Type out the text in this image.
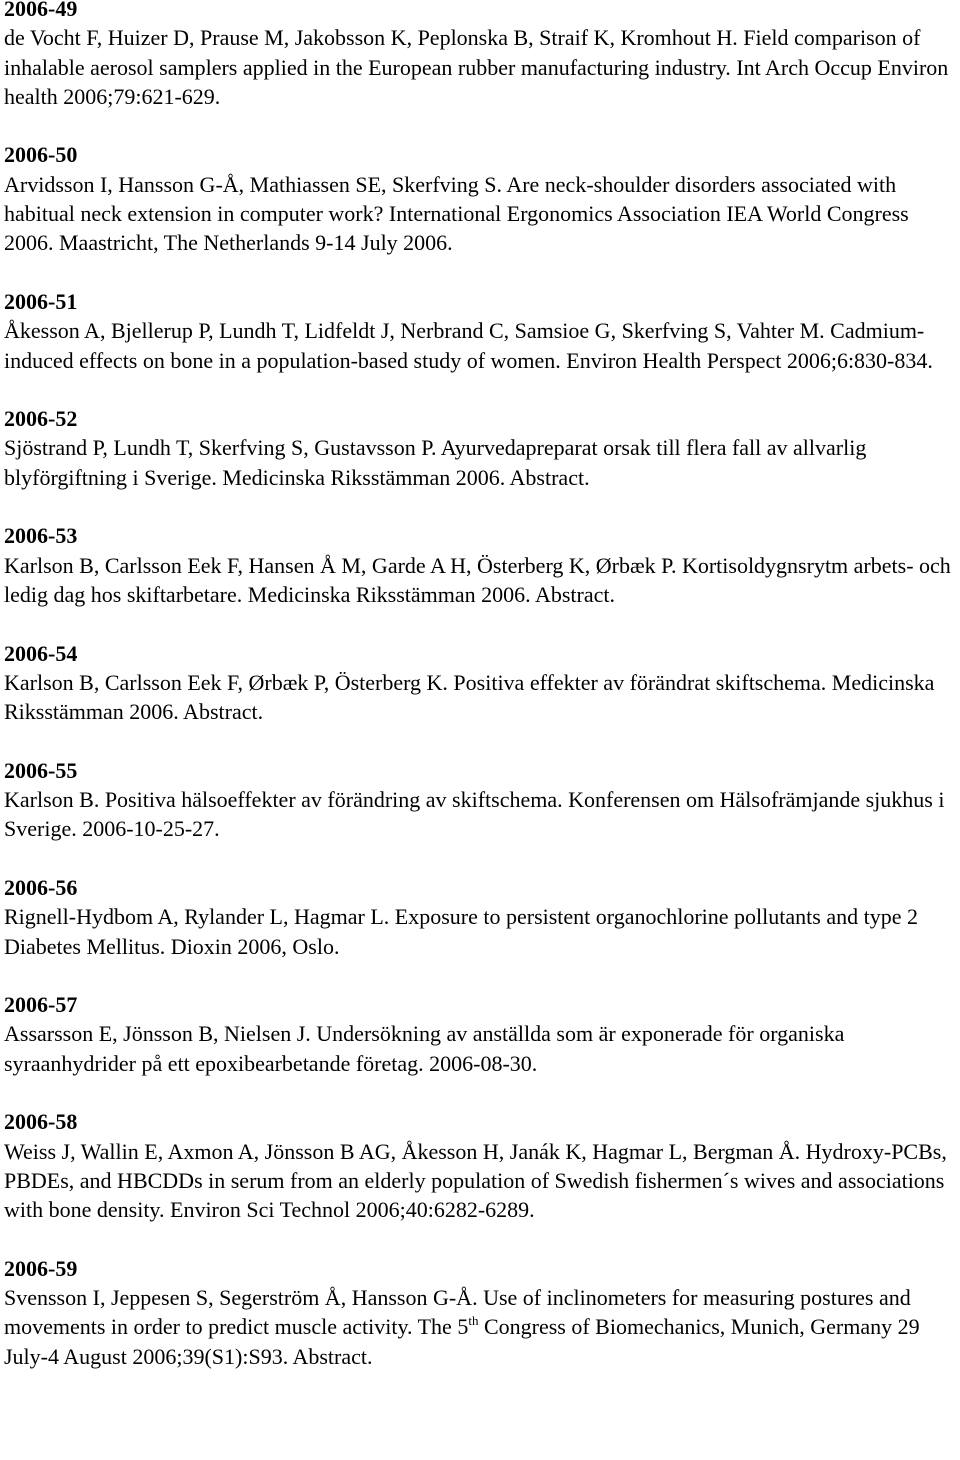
2006-49
de Vocht F, Huizer D, Prause M, Jakobsson K, Peplonska B, Straif K, Kromhout H. Field comparison of inhalable aerosol samplers applied in the European rubber manufacturing industry. Int Arch Occup Environ health 2006;79:621-629.
2006-50
Arvidsson I, Hansson G-Å, Mathiassen SE, Skerfving S. Are neck-shoulder disorders associated with habitual neck extension in computer work? International Ergonomics Association IEA World Congress 2006. Maastricht, The Netherlands 9-14 July 2006.
2006-51
Åkesson A, Bjellerup P, Lundh T, Lidfeldt J, Nerbrand C, Samsioe G, Skerfving S, Vahter M. Cadmium-induced effects on bone in a population-based study of women. Environ Health Perspect 2006;6:830-834.
2006-52
Sjöstrand P, Lundh T, Skerfving S, Gustavsson P. Ayurvedapreparat orsak till flera fall av allvarlig blyförgiftning i Sverige. Medicinska Riksstämman 2006. Abstract.
2006-53
Karlson B, Carlsson Eek F, Hansen Å M, Garde A H, Österberg K, Ørbæk P. Kortisoldygnsrytm arbets- och ledig dag hos skiftarbetare. Medicinska Riksstämman 2006. Abstract.
2006-54
Karlson B, Carlsson Eek F, Ørbæk P, Österberg K. Positiva effekter av förändrat skiftschema. Medicinska Riksstämman 2006. Abstract.
2006-55
Karlson B. Positiva hälsoeffekter av förändring av skiftschema. Konferensen om Hälsofrämjande sjukhus i Sverige. 2006-10-25-27.
2006-56
Rignell-Hydbom A, Rylander L, Hagmar L. Exposure to persistent organochlorine pollutants and type 2 Diabetes Mellitus. Dioxin 2006, Oslo.
2006-57
Assarsson E, Jönsson B, Nielsen J. Undersökning av anställda som är exponerade för organiska syraanhydrider på ett epoxibearbetande företag. 2006-08-30.
2006-58
Weiss J, Wallin E, Axmon A, Jönsson B AG, Åkesson H, Janák K, Hagmar L, Bergman Å. Hydroxy-PCBs, PBDEs, and HBCDDs in serum from an elderly population of Swedish fishermen´s wives and associations with bone density. Environ Sci Technol 2006;40:6282-6289.
2006-59
Svensson I, Jeppesen S, Segerström Å, Hansson G-Å. Use of inclinometers for measuring postures and movements in order to predict muscle activity. The 5th Congress of Biomechanics, Munich, Germany 29 July-4 August 2006;39(S1):S93. Abstract.
